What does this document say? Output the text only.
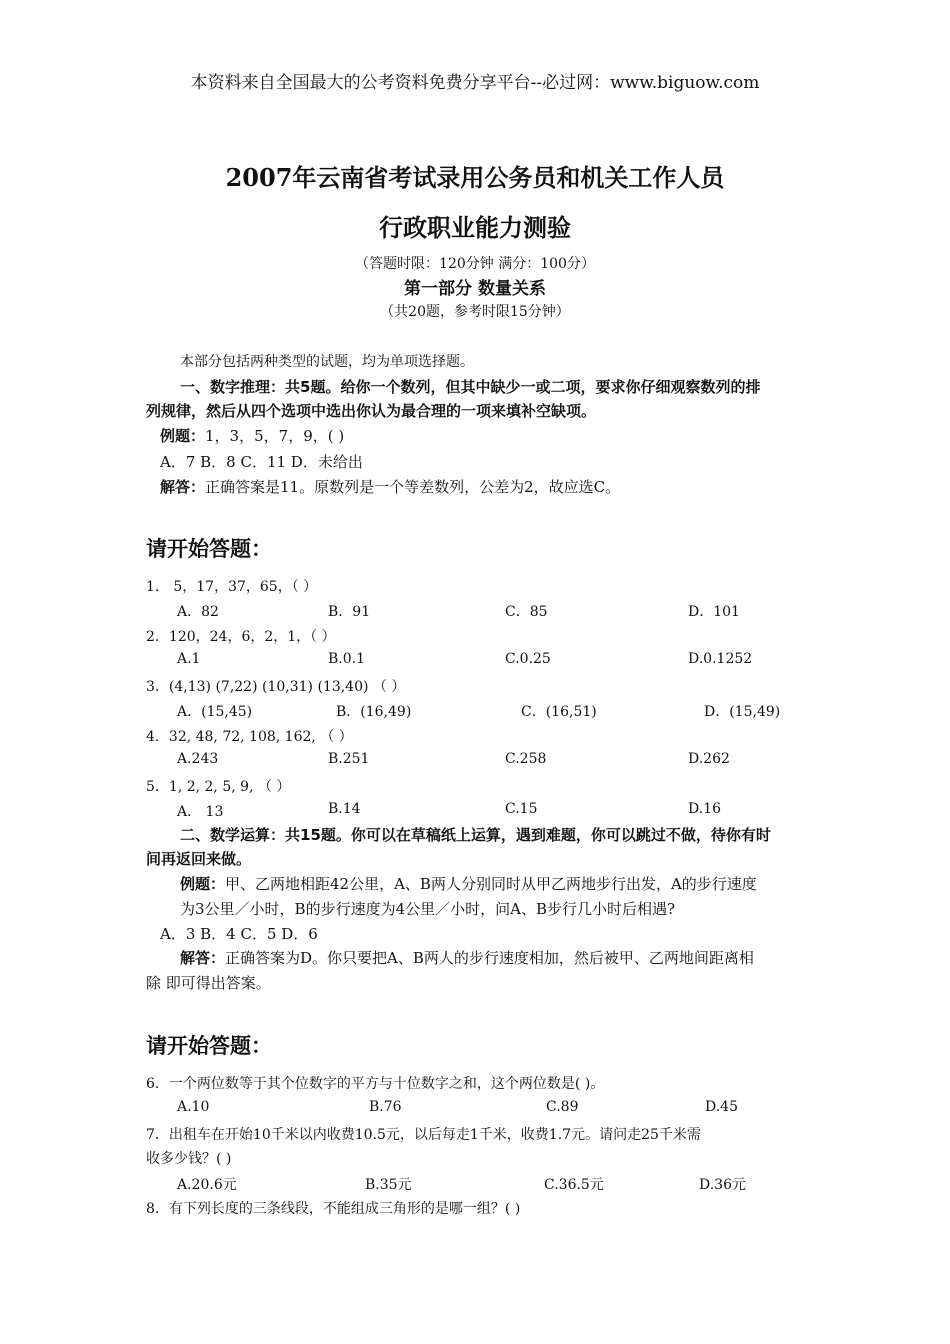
本资料来自全国最大的公考资料免费分享平台--必过网：www.biguow.com
2007年云南省考试录用公务员和机关工作人员
行政职业能力测验
（答题时限：120分钟 满分：100分）
第一部分 数量关系
（共20题，参考时限15分钟）
本部分包括两种类型的试题，均为单项选择题。
一、数字推理：共5题。给你一个数列，但其中缺少一或二项，要求你仔细观察数列的排
列规律，然后从四个选项中选出你认为最合理的一项来填补空缺项。
例题：1，3，5，7，9，( )
A．7 B．8 C．11 D．未给出
解答：正确答案是11。原数列是一个等差数列，公差为2，故应选C。
请开始答题：
1． 5，17，37，65，（ ）
A．82	B．91	C．85	D．101
2．120，24，6，2，1，（ ）
A.1	B.0.1	C.0.25	D.0.1252
3．(4,13) (7,22) (10,31) (13,40) （ ）
A．(15,45)	B．(16,49)	C．(16,51)	D．(15,49)
4．32, 48, 72, 108, 162, （ ）
A.243	B.251	C.258	D.262
5．1, 2, 2, 5, 9, （ ）
A． 13	B.14	C.15	D.16
二、数学运算：共15题。你可以在草稿纸上运算，遇到难题，你可以跳过不做，待你有时
间再返回来做。
例题：甲、乙两地相距42公里，A、B两人分别同时从甲乙两地步行出发，A的步行速度
为3公里／小时，B的步行速度为4公里／小时，问A、B步行几小时后相遇?
A．3 B．4 C．5 D．6
解答：正确答案为D。你只要把A、B两人的步行速度相加，然后被甲、乙两地间距离相
除 即可得出答案。
请开始答题：
6．一个两位数等于其个位数字的平方与十位数字之和，这个两位数是( )。
A.10	B.76	C.89	D.45
7．出租车在开始10千米以内收费10.5元，以后每走1千米，收费1.7元。请问走25千米需
收多少钱？( )
A.20.6元	B.35元	C.36.5元	D.36元
8．有下列长度的三条线段，不能组成三角形的是哪一组？( )
